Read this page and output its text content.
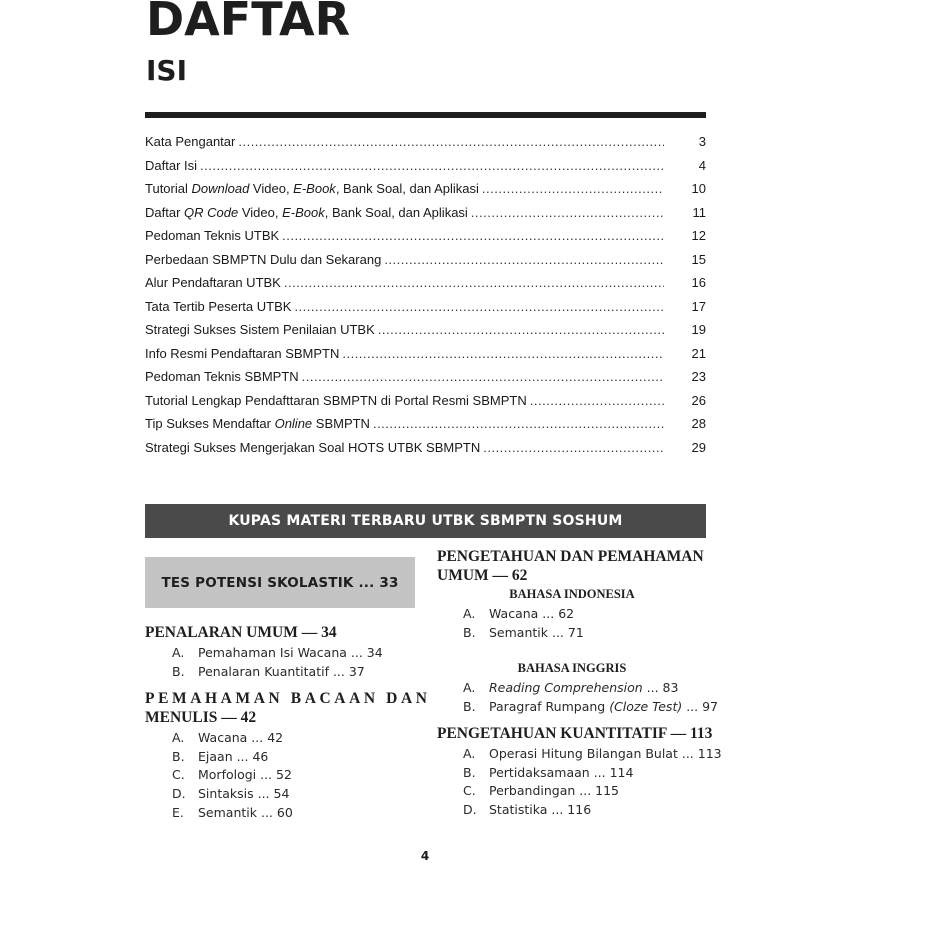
DAFTAR
ISI
Kata Pengantar .....	3
Daftar Isi .....	4
Tutorial Download Video, E-Book, Bank Soal, dan Aplikasi .....	10
Daftar QR Code Video, E-Book, Bank Soal, dan Aplikasi .....	11
Pedoman Teknis UTBK .....	12
Perbedaan SBMPTN Dulu dan Sekarang .....	15
Alur Pendaftaran UTBK .....	16
Tata Tertib Peserta UTBK .....	17
Strategi Sukses Sistem Penilaian UTBK .....	19
Info Resmi Pendaftaran SBMPTN .....	21
Pedoman Teknis SBMPTN .....	23
Tutorial Lengkap Pendafttaran SBMPTN di Portal Resmi SBMPTN .....	26
Tip Sukses Mendaftar Online SBMPTN .....	28
Strategi Sukses Mengerjakan Soal HOTS UTBK SBMPTN .....	29
KUPAS MATERI TERBARU UTBK SBMPTN SOSHUM
TES POTENSI SKOLASTIK ... 33
PENALARAN UMUM — 34
A.	Pemahaman Isi Wacana ... 34
B.	Penalaran Kuantitatif ... 37
PEMAHAMAN BACAAN DAN
MENULIS — 42
A.	Wacana ... 42
B.	Ejaan ... 46
C.	Morfologi ... 52
D. Sintaksis ... 54
E.	Semantik ... 60
PENGETAHUAN DAN PEMAHAMAN
UMUM — 62
BAHASA INDONESIA
A.	Wacana ... 62
B.	Semantik ... 71
BAHASA INGGRIS
A.	Reading Comprehension ... 83
B.	Paragraf Rumpang (Cloze Test) ... 97
PENGETAHUAN KUANTITATIF — 113
A.	Operasi Hitung Bilangan Bulat ... 113
B.	Pertidaksamaan ... 114
C.	Perbandingan ... 115
D. Statistika ... 116
4
